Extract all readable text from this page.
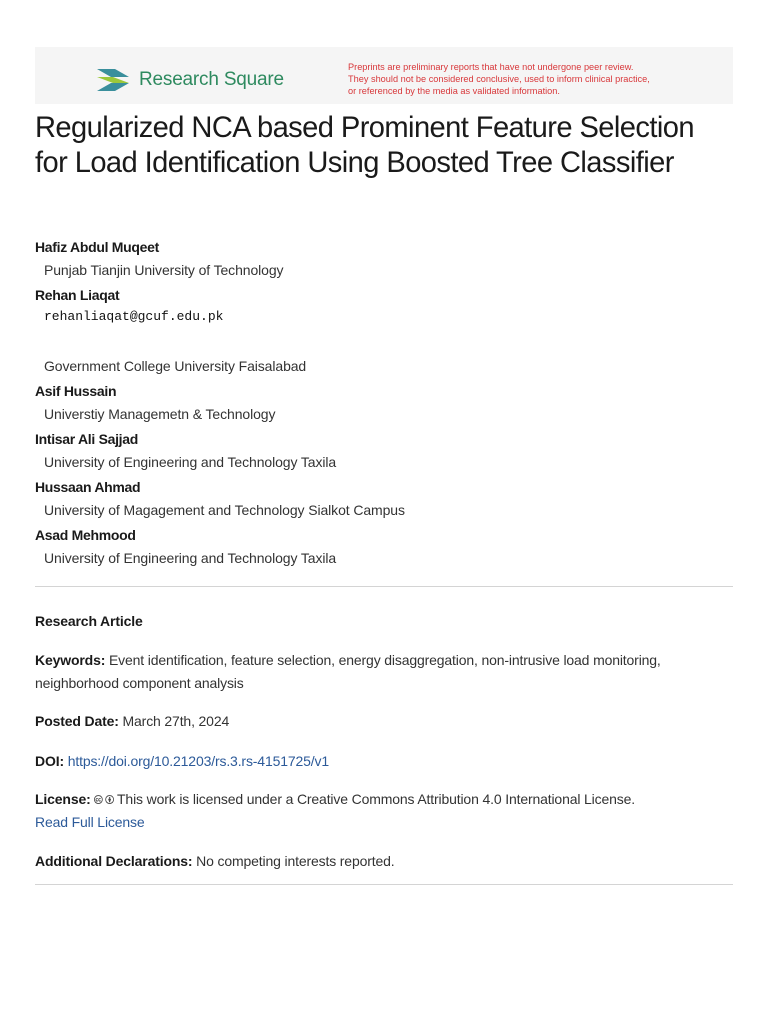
Research Square
Preprints are preliminary reports that have not undergone peer review.
They should not be considered conclusive, used to inform clinical practice,
or referenced by the media as validated information.
Regularized NCA based Prominent Feature Selection for Load Identification Using Boosted Tree Classifier
Hafiz Abdul Muqeet
Punjab Tianjin University of Technology
Rehan Liaqat
rehanliaqat@gcuf.edu.pk
Government College University Faisalabad
Asif Hussain
Universtiy Managemetn & Technology
Intisar Ali Sajjad
University of Engineering and Technology Taxila
Hussaan Ahmad
University of Magagement and Technology Sialkot Campus
Asad Mehmood
University of Engineering and Technology Taxila
Research Article
Keywords: Event identification, feature selection, energy disaggregation, non-intrusive load monitoring, neighborhood component analysis
Posted Date: March 27th, 2024
DOI: https://doi.org/10.21203/rs.3.rs-4151725/v1
License: 🅭 🅯 This work is licensed under a Creative Commons Attribution 4.0 International License.
Read Full License
Additional Declarations: No competing interests reported.
